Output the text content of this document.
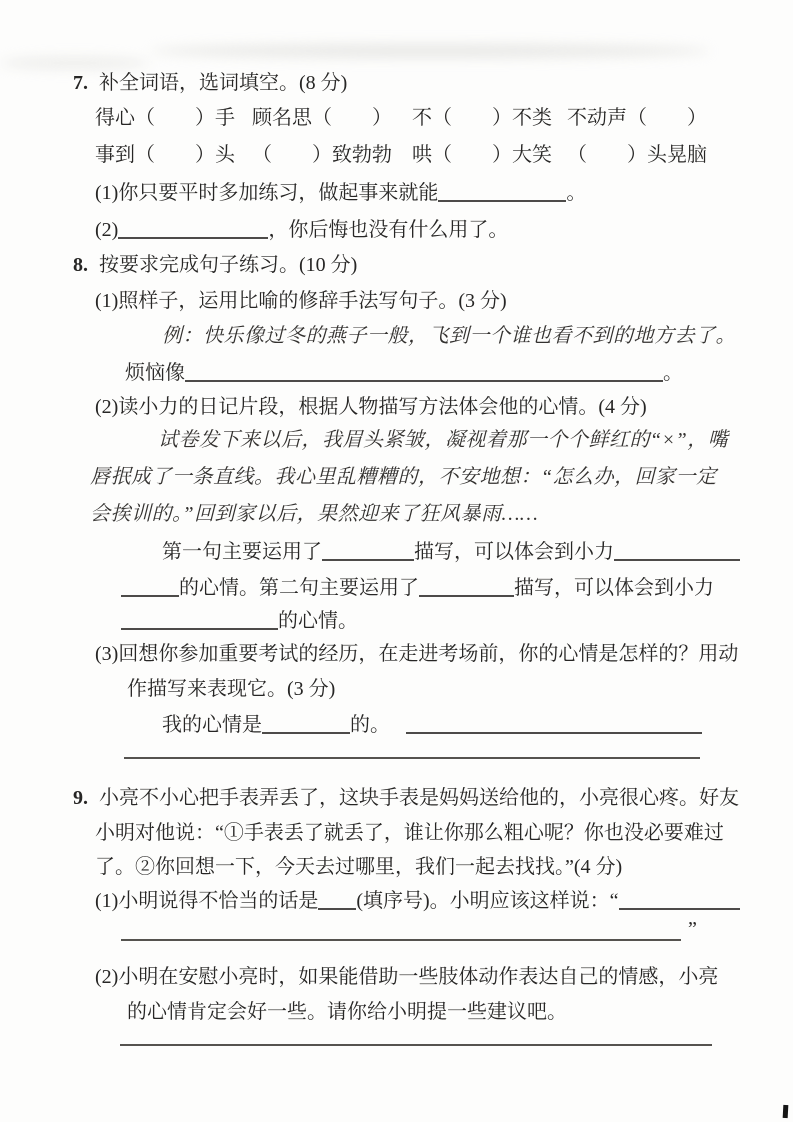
7. 补全词语，选词填空。(8 分)
得心（　　）手 顾名思（　　） 不（　　）不类 不动声（　　）
事到（　　）头 （　　）致勃勃 哄（　　）大笑 （　　）头晃脑
(1)你只要平时多加练习，做起事来就能	。
(2)	，你后悔也没有什么用了。
8. 按要求完成句子练习。(10 分)
(1)照样子，运用比喻的修辞手法写句子。(3 分)
例：快乐像过冬的燕子一般，飞到一个谁也看不到的地方去了。
烦恼像	。
(2)读小力的日记片段，根据人物描写方法体会他的心情。(4 分)
试卷发下来以后，我眉头紧皱，凝视着那一个个鲜红的“×”，嘴
唇抿成了一条直线。我心里乱糟糟的，不安地想：“怎么办，回家一定
会挨训的。”回到家以后，果然迎来了狂风暴雨……
第一句主要运用了	描写，可以体会到小力
的心情。第二句主要运用了	描写，可以体会到小力
的心情。
(3)回想你参加重要考试的经历，在走进考场前，你的心情是怎样的？用动
作描写来表现它。(3 分)
我的心情是	的。
9. 小亮不小心把手表弄丢了，这块手表是妈妈送给他的，小亮很心疼。好友
小明对他说：“①手表丢了就丢了，谁让你那么粗心呢？你也没必要难过
了。②你回想一下，今天去过哪里，我们一起去找找。”(4 分)
(1) 小明说得不恰当的话是 (填序号)。小明应该这样说：“
”
(2)小明在安慰小亮时，如果能借助一些肢体动作表达自己的情感，小亮
的心情肯定会好一些。请你给小明提一些建议吧。
